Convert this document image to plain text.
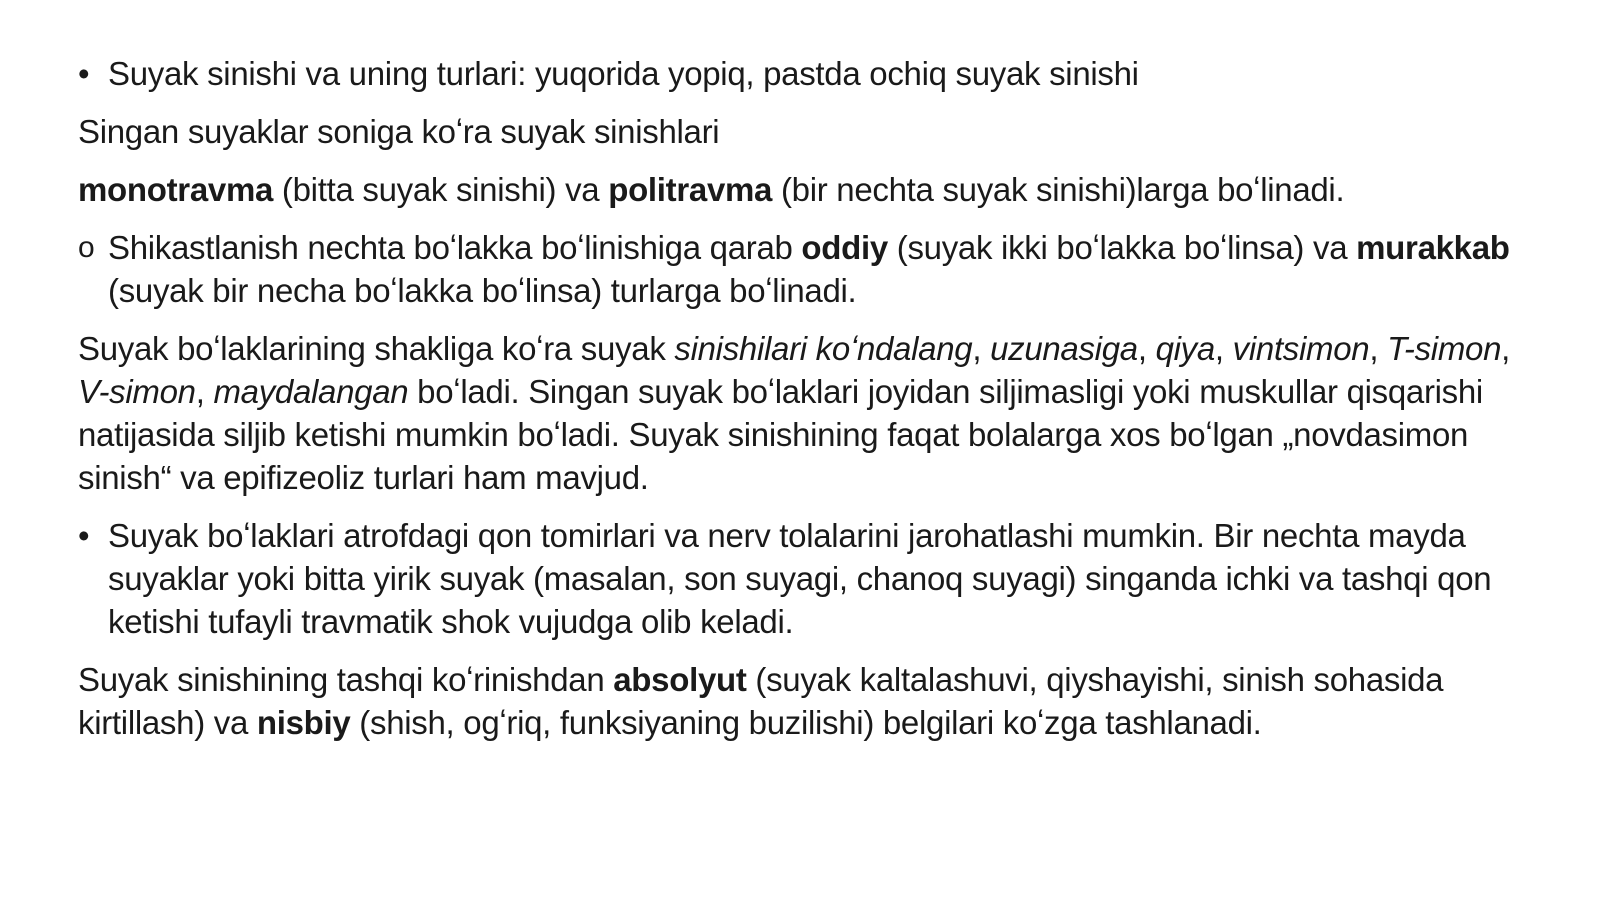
• Suyak sinishi va uning turlari: yuqorida yopiq, pastda ochiq suyak sinishi

Singan suyaklar soniga koʻra suyak sinishlari

monotravma (bitta suyak sinishi) va politravma (bir nechta suyak sinishi)larga boʻlinadi.

o Shikastlanish nechta boʻlakka boʻlinishiga qarab oddiy (suyak ikki boʻlakka boʻlinsa) va murakkab (suyak bir necha boʻlakka boʻlinsa) turlarga boʻlinadi.

Suyak boʻlaklarining shakliga koʻra suyak sinishilari koʻndalang, uzunasiga, qiya, vintsimon, T-simon, V-simon, maydalangan boʻladi. Singan suyak boʻlaklari joyidan siljimasligi yoki muskullar qisqarishi natijasida siljib ketishi mumkin boʻladi. Suyak sinishining faqat bolalarga xos boʻlgan „novdasimon sinish“ va epifizeoliz turlari ham mavjud.

• Suyak boʻlaklari atrofdagi qon tomirlari va nerv tolalarini jarohatlashi mumkin. Bir nechta mayda suyaklar yoki bitta yirik suyak (masalan, son suyagi, chanoq suyagi) singanda ichki va tashqi qon ketishi tufayli travmatik shok vujudga olib keladi.

Suyak sinishining tashqi koʻrinishdan absolyut (suyak kaltalashuvi, qiyshayishi, sinish sohasida kirtillash) va nisbiy (shish, ogʻriq, funksiyaning buzilishi) belgilari koʻzga tashlanadi.
